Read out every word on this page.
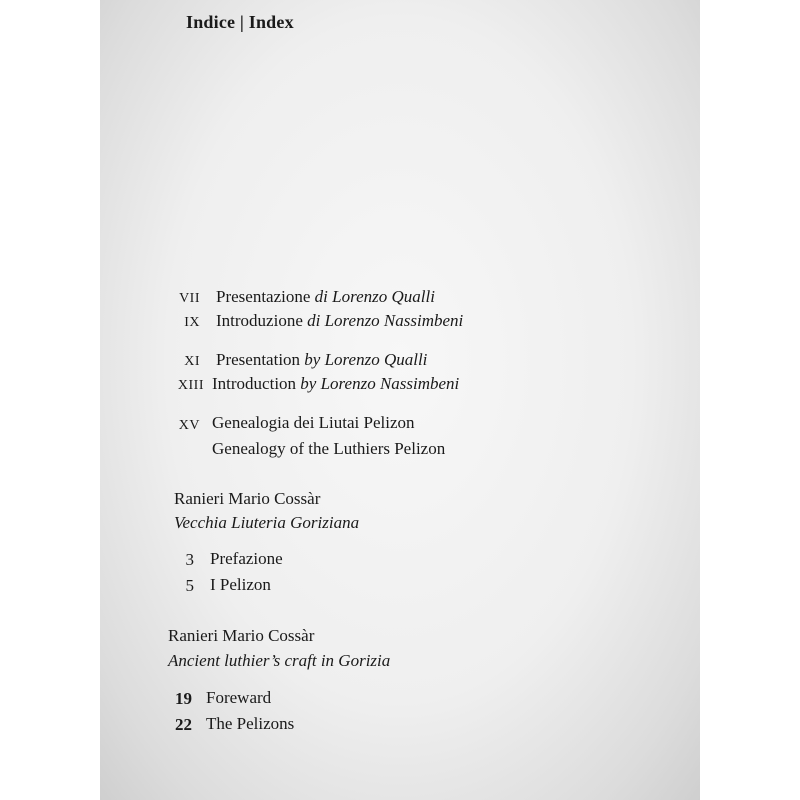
Indice | Index
VII Presentazione di Lorenzo Qualli
IX Introduzione di Lorenzo Nassimbeni
XI Presentation by Lorenzo Qualli
XIII Introduction by Lorenzo Nassimbeni
XV Genealogia dei Liutai Pelizon
Genealogy of the Luthiers Pelizon
Ranieri Mario Cossàr
Vecchia Liuteria Goriziana
3 Prefazione
5 I Pelizon
Ranieri Mario Cossàr
Ancient luthier’s craft in Gorizia
19 Foreward
22 The Pelizons
